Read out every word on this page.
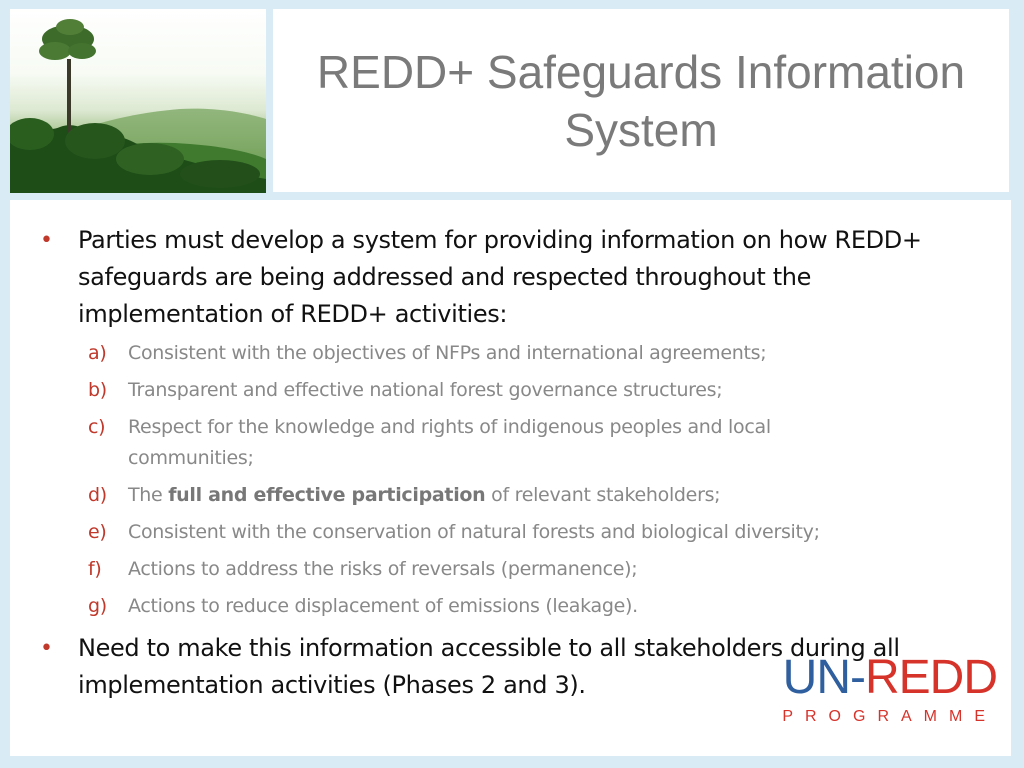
REDD+ Safeguards Information System
•	Parties must develop a system for providing information on how REDD+ safeguards are being addressed and respected throughout the implementation of REDD+ activities:
a) Consistent with the objectives of NFPs and international agreements;
b) Transparent and effective national forest governance structures;
c) Respect for the knowledge and rights of indigenous peoples and local communities;
d) The full and effective participation of relevant stakeholders;
e) Consistent with the conservation of natural forests and biological diversity;
f) Actions to address the risks of reversals (permanence);
g) Actions to reduce displacement of emissions (leakage).
•	Need to make this information accessible to all stakeholders during all implementation activities (Phases 2 and 3).	UN-REDD
PROGRAMME
